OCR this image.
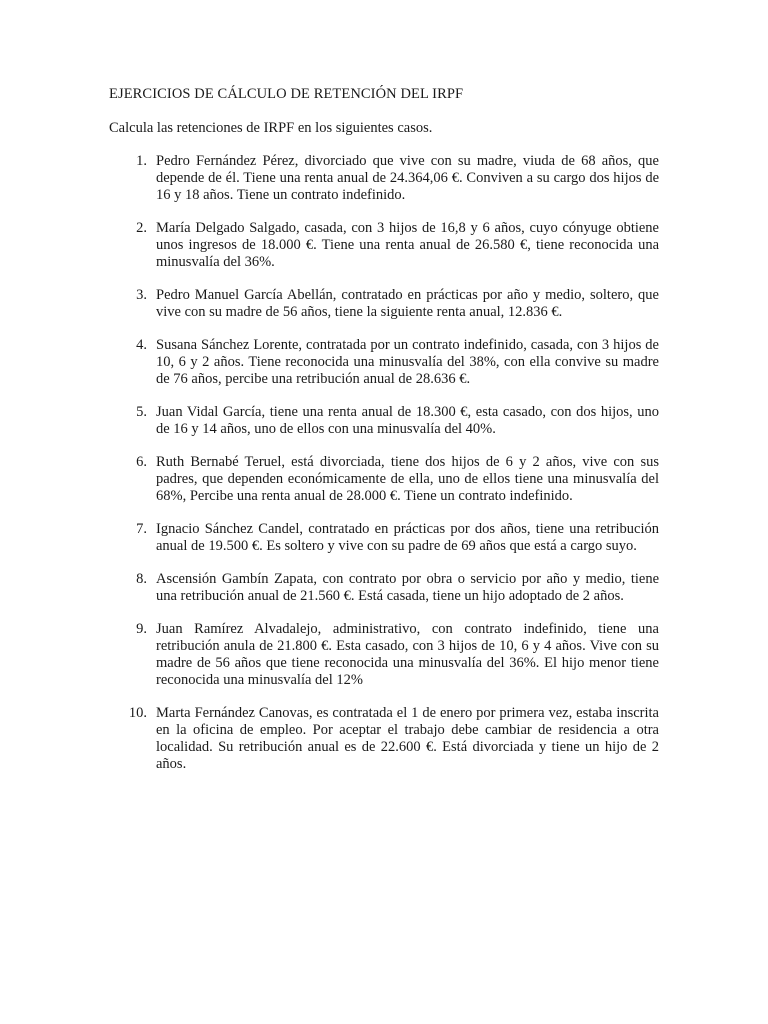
EJERCICIOS DE CÁLCULO DE RETENCIÓN DEL IRPF

Calcula las retenciones de IRPF en los siguientes casos.

1. Pedro Fernández Pérez, divorciado que vive con su madre, viuda de 68 años, que depende de él. Tiene una renta anual de 24.364,06 €. Conviven a su cargo dos hijos de 16 y 18 años. Tiene un contrato indefinido.
2. María Delgado Salgado, casada, con 3 hijos de 16,8 y 6 años, cuyo cónyuge obtiene unos ingresos de 18.000 €. Tiene una renta anual de 26.580 €, tiene reconocida una minusvalía del 36%.
3. Pedro Manuel García Abellán, contratado en prácticas por año y medio, soltero, que vive con su madre de 56 años, tiene la siguiente renta anual, 12.836 €.
4. Susana Sánchez Lorente, contratada por un contrato indefinido, casada, con 3 hijos de 10, 6 y 2 años. Tiene reconocida una minusvalía del 38%, con ella convive su madre de 76 años, percibe una retribución anual de 28.636 €.
5. Juan Vidal García, tiene una renta anual de 18.300 €, esta casado, con dos hijos, uno de 16 y 14 años, uno de ellos con una minusvalía del 40%.
6. Ruth Bernabé Teruel, está divorciada, tiene dos hijos de 6 y 2 años, vive con sus padres, que dependen económicamente de ella, uno de ellos tiene una minusvalía del 68%, Percibe una renta anual de 28.000 €. Tiene un contrato indefinido.
7. Ignacio Sánchez Candel, contratado en prácticas por dos años, tiene una retribución anual de 19.500 €. Es soltero y vive con su padre de 69 años que está a cargo suyo.
8. Ascensión Gambín Zapata, con contrato por obra o servicio por año y medio, tiene una retribución anual de 21.560 €. Está casada, tiene un hijo adoptado de 2 años.
9. Juan Ramírez Alvadalejo, administrativo, con contrato indefinido, tiene una retribución anula de 21.800 €. Esta casado, con 3 hijos de 10, 6 y 4 años. Vive con su madre de 56 años que tiene reconocida una minusvalía del 36%. El hijo menor tiene reconocida una minusvalía del 12%
10. Marta Fernández Canovas, es contratada el 1 de enero por primera vez, estaba inscrita en la oficina de empleo. Por aceptar el trabajo debe cambiar de residencia a otra localidad. Su retribución anual es de 22.600 €. Está divorciada y tiene un hijo de 2 años.
